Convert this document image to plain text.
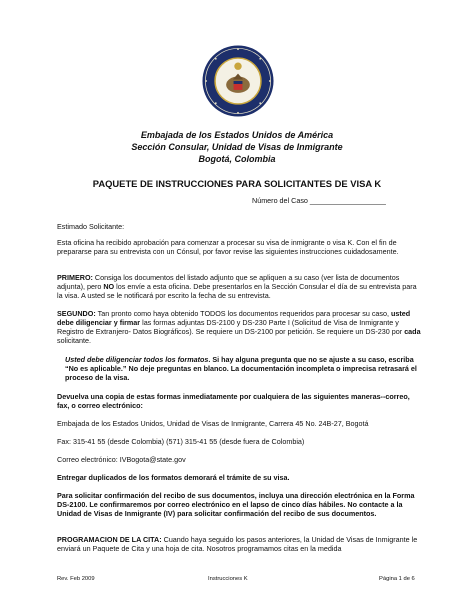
Embajada de los Estados Unidos de América
Sección Consular, Unidad de Visas de Inmigrante
Bogotá, Colombia
PAQUETE DE INSTRUCCIONES PARA SOLICITANTES DE VISA K
Número del Caso ___________________
Estimado Solicitante:
Esta oficina ha recibido aprobación para comenzar a procesar su visa de inmigrante o visa K. Con el fin de prepararse para su entrevista con un Cónsul, por favor revise las siguientes instrucciones cuidadosamente.
PRIMERO: Consiga los documentos del listado adjunto que se apliquen a su caso (ver lista de documentos adjunta), pero NO los envíe a esta oficina. Debe presentarlos en la Sección Consular el día de su entrevista para la visa. A usted se le notificará por escrito la fecha de su entrevista.
SEGUNDO: Tan pronto como haya obtenido TODOS los documentos requeridos para procesar su caso, usted debe diligenciar y firmar las formas adjuntas DS-2100 y DS-230 Parte I (Solicitud de Visa de Inmigrante y Registro de Extranjero- Datos Biográficos). Se requiere un DS-2100 por petición. Se requiere un DS-230 por cada solicitante.
Usted debe diligenciar todos los formatos. Si hay alguna pregunta que no se ajuste a su caso, escriba “No es aplicable.” No deje preguntas en blanco. La documentación incompleta o imprecisa retrasará el proceso de la visa.
Devuelva una copia de estas formas inmediatamente por cualquiera de las siguientes maneras--correo, fax, o correo electrónico:
Embajada de los Estados Unidos, Unidad de Visas de Inmigrante, Carrera 45 No. 24B-27, Bogotá
Fax: 315-41 55 (desde Colombia) (571) 315-41 55 (desde fuera de Colombia)
Correo electrónico: IVBogota@state.gov
Entregar duplicados de los formatos demorará el trámite de su visa.
Para solicitar confirmación del recibo de sus documentos, incluya una dirección electrónica en la Forma DS-2100. Le confirmaremos por correo electrónico en el lapso de cinco días hábiles. No contacte a la Unidad de Visas de Inmigrante (IV) para solicitar confirmación del recibo de sus documentos.
PROGRAMACION DE LA CITA: Cuando haya seguido los pasos anteriores, la Unidad de Visas de Inmigrante le enviará un Paquete de Cita y una hoja de cita. Nosotros programamos citas en la medida
Rev. Feb 2009	Instrucciones K	Página 1 de 6
